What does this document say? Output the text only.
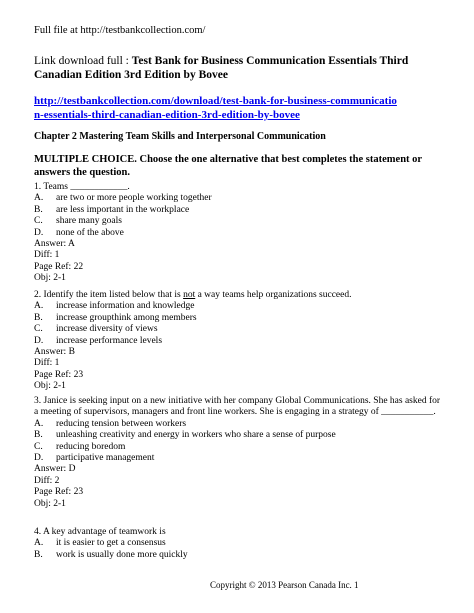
Full file at http://testbankcollection.com/
Link download full : Test Bank for Business Communication Essentials Third Canadian Edition 3rd Edition by Bovee
http://testbankcollection.com/download/test-bank-for-business-communicatio
n-essentials-third-canadian-edition-3rd-edition-by-bovee
Chapter 2 Mastering Team Skills and Interpersonal Communication
MULTIPLE CHOICE. Choose the one alternative that best completes the statement or answers the question.
1. Teams ____________.
A.	are two or more people working together
B.	are less important in the workplace
C.	share many goals
D.	none of the above
Answer: A
Diff: 1
Page Ref: 22
Obj: 2-1
2. Identify the item listed below that is not a way teams help organizations succeed.
A.	increase information and knowledge
B.	increase groupthink among members
C.	increase diversity of views
D.	increase performance levels
Answer: B
Diff: 1
Page Ref: 23
Obj: 2-1
3. Janice is seeking input on a new initiative with her company Global Communications. She has asked for a meeting of supervisors, managers and front line workers. She is engaging in a strategy of ___________.
A.	reducing tension between workers
B.	unleashing creativity and energy in workers who share a sense of purpose
C.	reducing boredom
D.	participative management
Answer: D
Diff: 2
Page Ref: 23
Obj: 2-1
4. A key advantage of teamwork is
A.	it is easier to get a consensus
B.	work is usually done more quickly
Copyright © 2013 Pearson Canada Inc. 1
